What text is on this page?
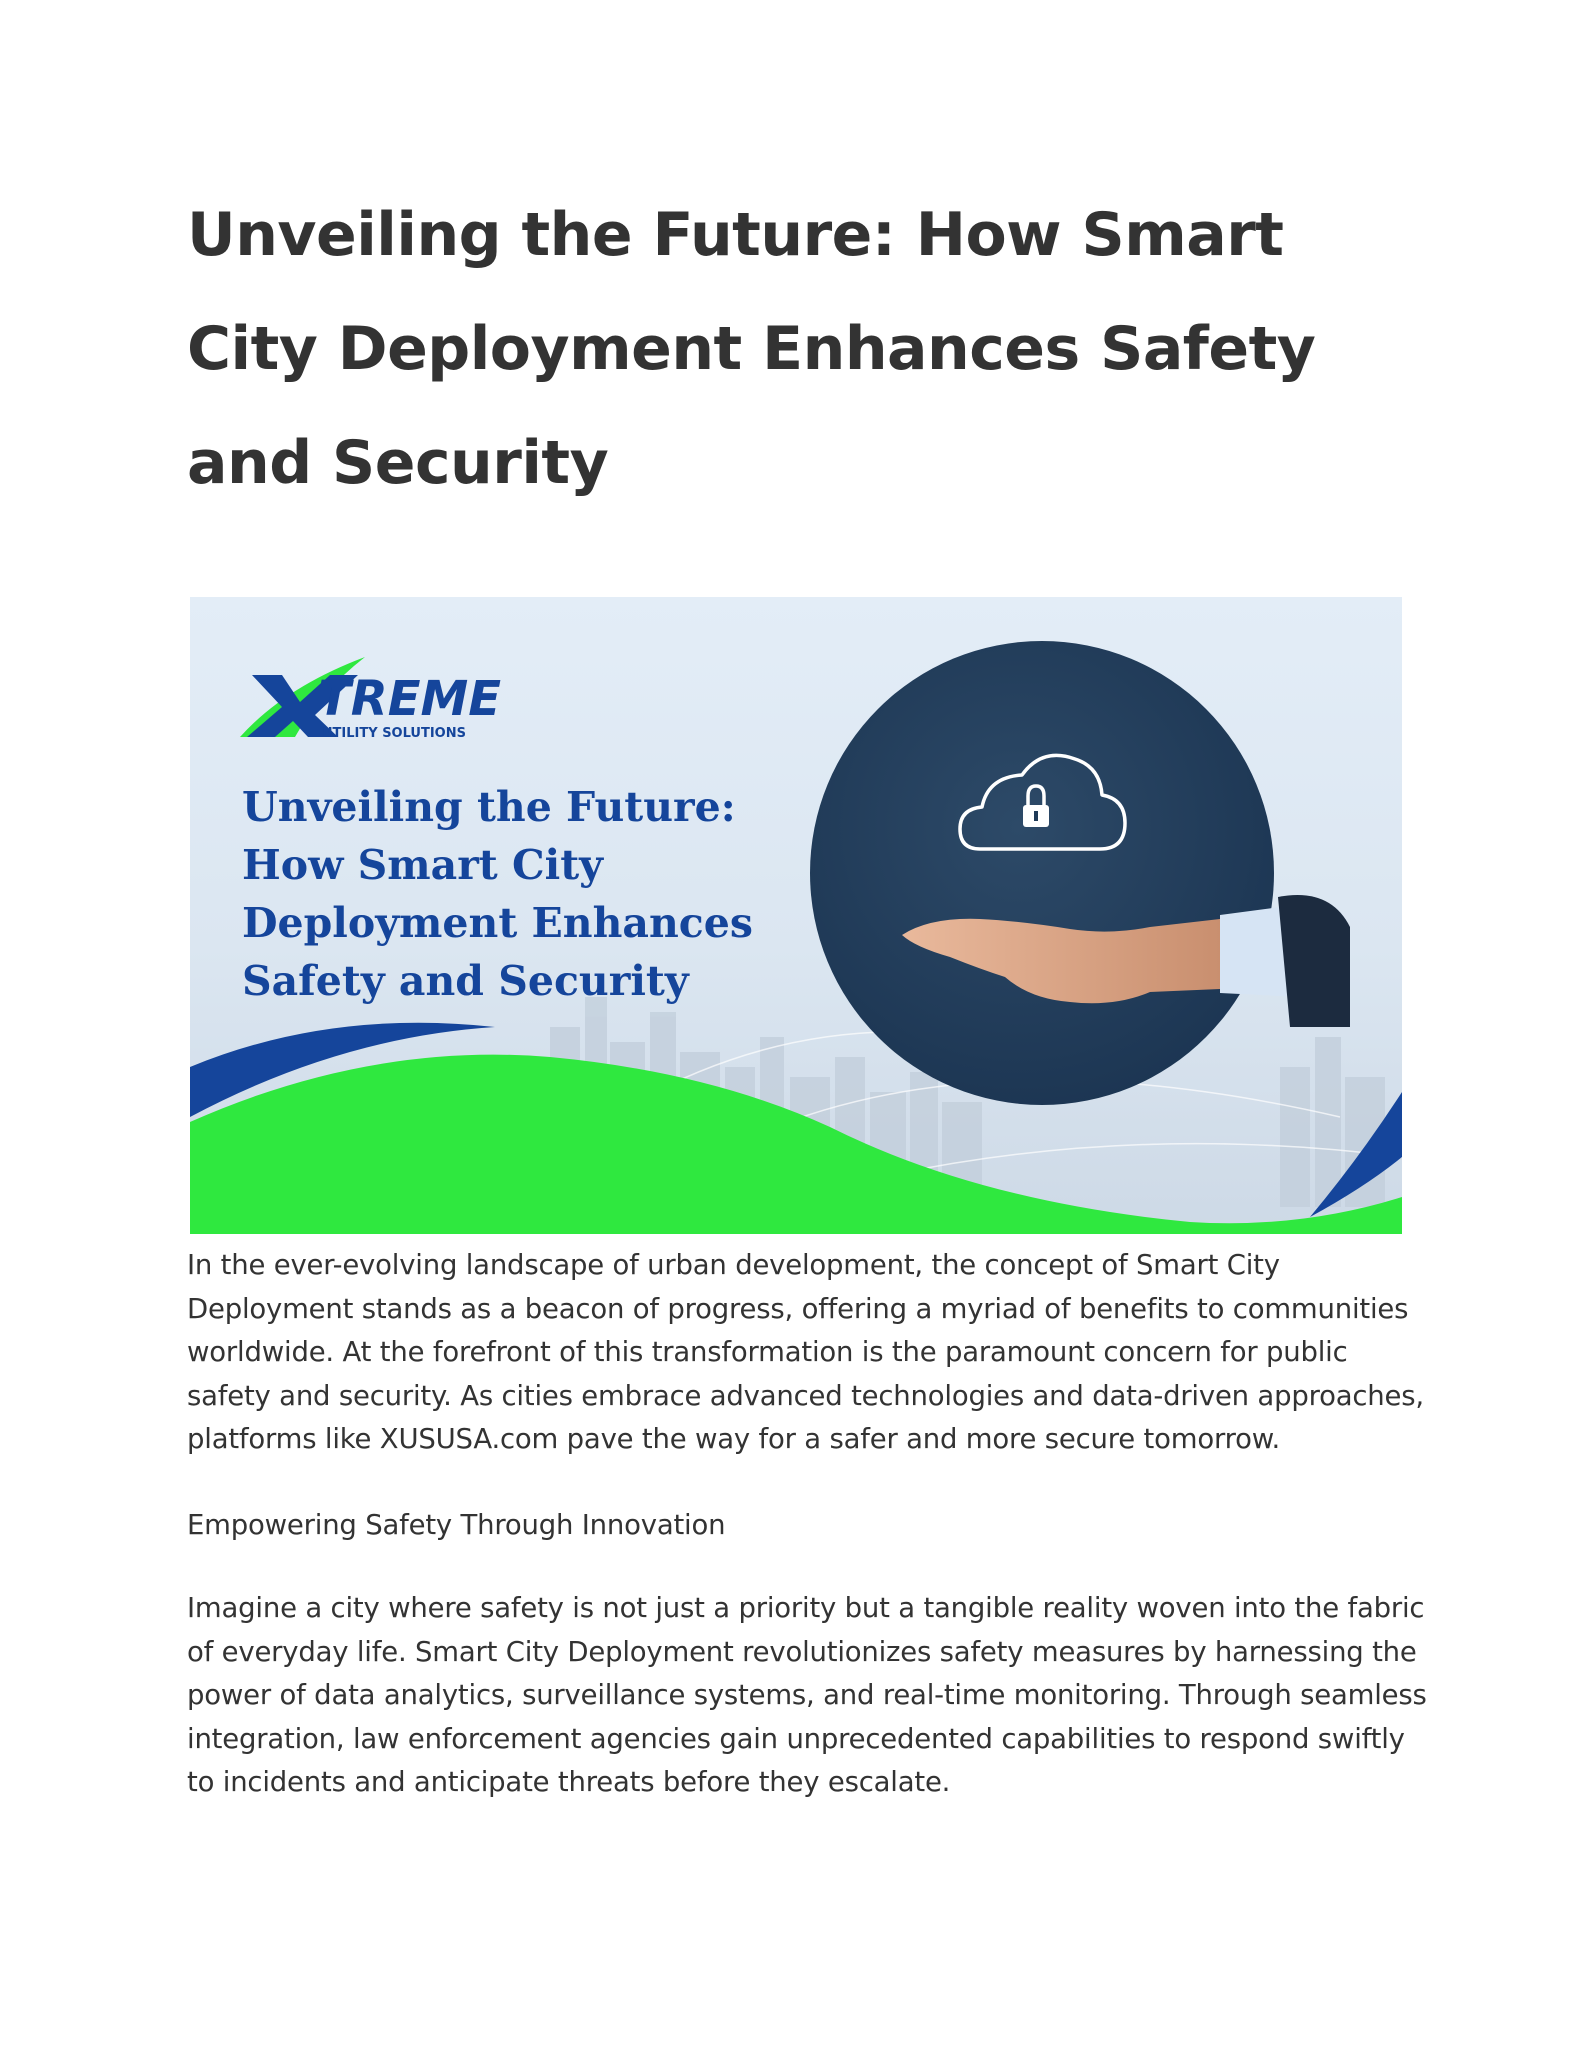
Unveiling the Future: How Smart City Deployment Enhances Safety and Security
TREME
UTILITY SOLUTIONS
Unveiling the Future:
How Smart City
Deployment Enhances
Safety and Security

In the ever-evolving landscape of urban development, the concept of Smart City Deployment stands as a beacon of progress, offering a myriad of benefits to communities worldwide. At the forefront of this transformation is the paramount concern for public safety and security. As cities embrace advanced technologies and data-driven approaches, platforms like XUSUSA.com pave the way for a safer and more secure tomorrow.

Empowering Safety Through Innovation

Imagine a city where safety is not just a priority but a tangible reality woven into the fabric of everyday life. Smart City Deployment revolutionizes safety measures by harnessing the power of data analytics, surveillance systems, and real-time monitoring. Through seamless integration, law enforcement agencies gain unprecedented capabilities to respond swiftly to incidents and anticipate threats before they escalate.
